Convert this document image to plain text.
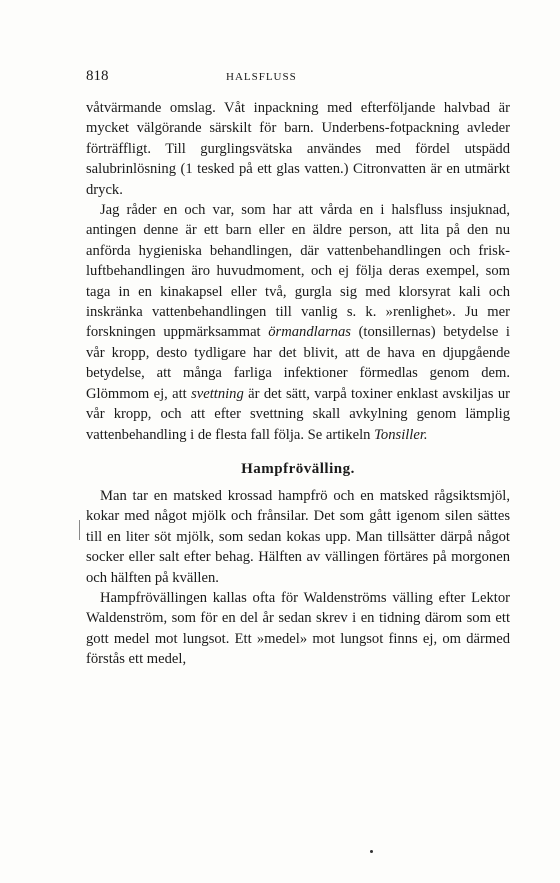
818	HALSFLUSS

våtvärmande omslag. Våt inpackning med efterföljande halvbad är mycket välgörande särskilt för barn. Underbens-fotpackning avleder förträffligt. Till gurglingsvätska användes med fördel utspädd salubrinlösning (1 tesked på ett glas vatten.) Citronvatten är en utmärkt dryck.

Jag råder en och var, som har att vårda en i halsfluss insjuknad, antingen denne är ett barn eller en äldre person, att lita på den nu anförda hygieniska behandlingen, där vattenbehandlingen och frisk-luftbehandlingen äro huvudmoment, och ej följa deras exempel, som taga in en kinakapsel eller två, gurgla sig med klorsyrat kali och inskränka vattenbehandlingen till vanlig s. k. »renlighet». Ju mer forskningen uppmärksammat örmandlarnas (tonsillernas) betydelse i vår kropp, desto tydligare har det blivit, att de hava en djupgående betydelse, att många farliga infektioner förmedlas genom dem. Glömmom ej, att svettning är det sätt, varpå toxiner enklast avskiljas ur vår kropp, och att efter svettning skall avkylning genom lämplig vattenbehandling i de flesta fall följa. Se artikeln Tonsiller.

Hampfrövälling.

Man tar en matsked krossad hampfrö och en matsked rågsiktsmjöl, kokar med något mjölk och frånsilar. Det som gått igenom silen sättes till en liter söt mjölk, som sedan kokas upp. Man tillsätter därpå något socker eller salt efter behag. Hälften av vällingen förtäres på morgonen och hälften på kvällen.

Hampfrövällingen kallas ofta för Waldenströms välling efter Lektor Waldenström, som för en del år sedan skrev i en tidning därom som ett gott medel mot lungsot. Ett »medel» mot lungsot finns ej, om därmed förstås ett medel,
